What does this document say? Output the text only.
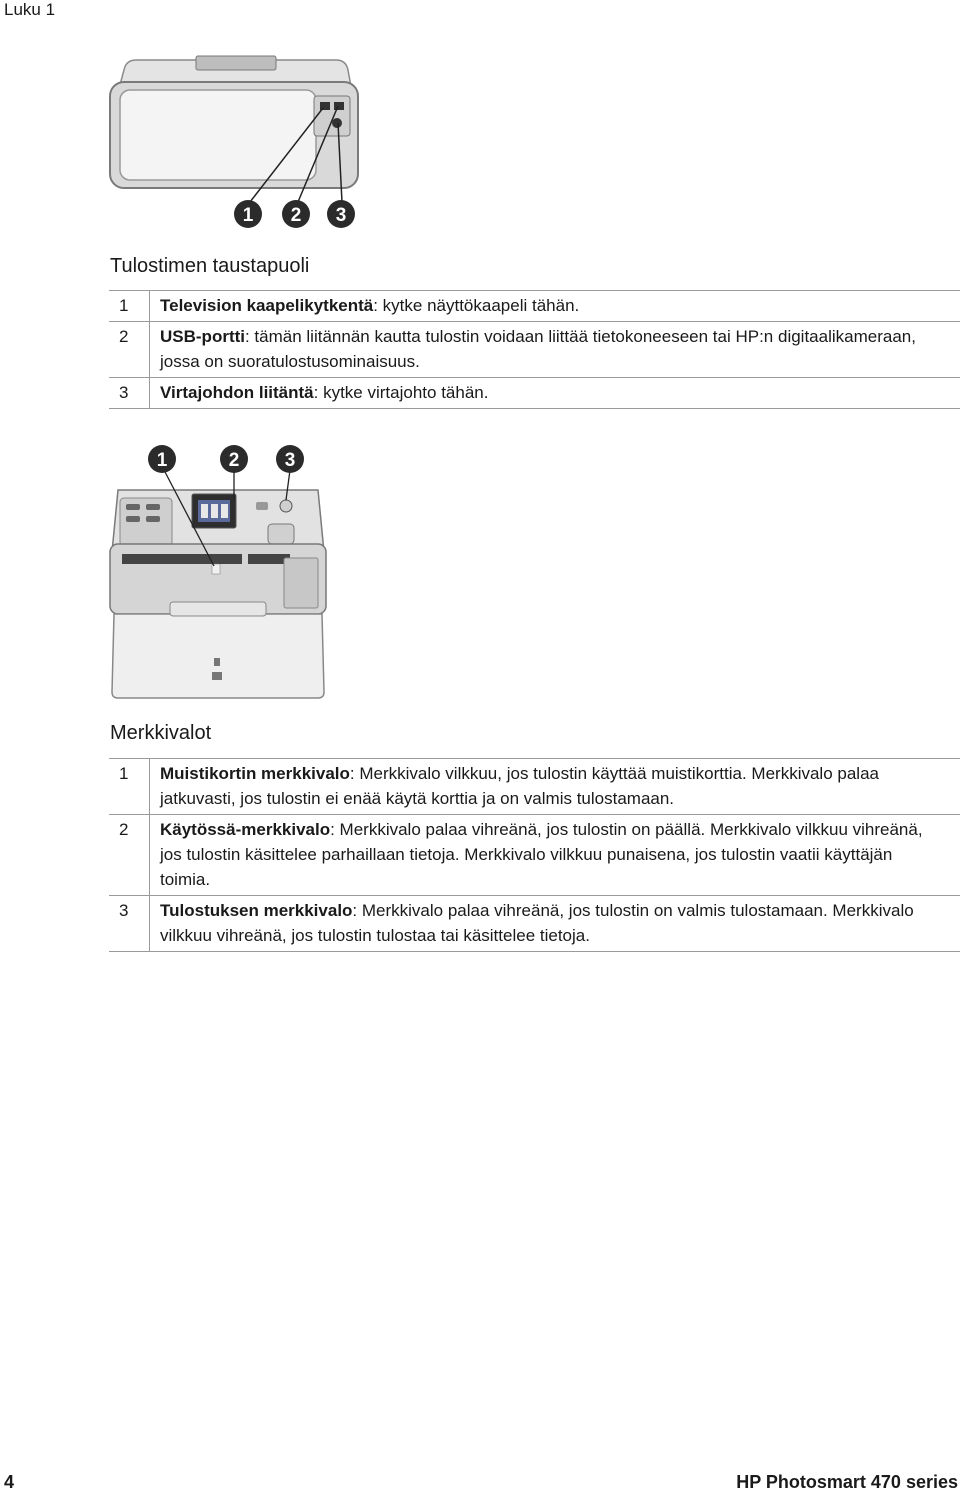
Luku 1
1 2 3
Tulostimen taustapuoli
1	Television kaapelikytkentä: kytke näyttökaapeli tähän.
2	USB-portti: tämän liitännän kautta tulostin voidaan liittää tietokoneeseen tai HP:n digitaalikameraan, jossa on suoratulostusominaisuus.
3	Virtajohdon liitäntä: kytke virtajohto tähän.
1	2 3
Merkkivalot
1	Muistikortin merkkivalo: Merkkivalo vilkkuu, jos tulostin käyttää muistikorttia. Merkkivalo palaa jatkuvasti, jos tulostin ei enää käytä korttia ja on valmis tulostamaan.
2	Käytössä-merkkivalo: Merkkivalo palaa vihreänä, jos tulostin on päällä. Merkkivalo vilkkuu vihreänä, jos tulostin käsittelee parhaillaan tietoja. Merkkivalo vilkkuu punaisena, jos tulostin vaatii käyttäjän toimia.
3	Tulostuksen merkkivalo: Merkkivalo palaa vihreänä, jos tulostin on valmis tulostamaan. Merkkivalo vilkkuu vihreänä, jos tulostin tulostaa tai käsittelee tietoja.
4	HP Photosmart 470 series
